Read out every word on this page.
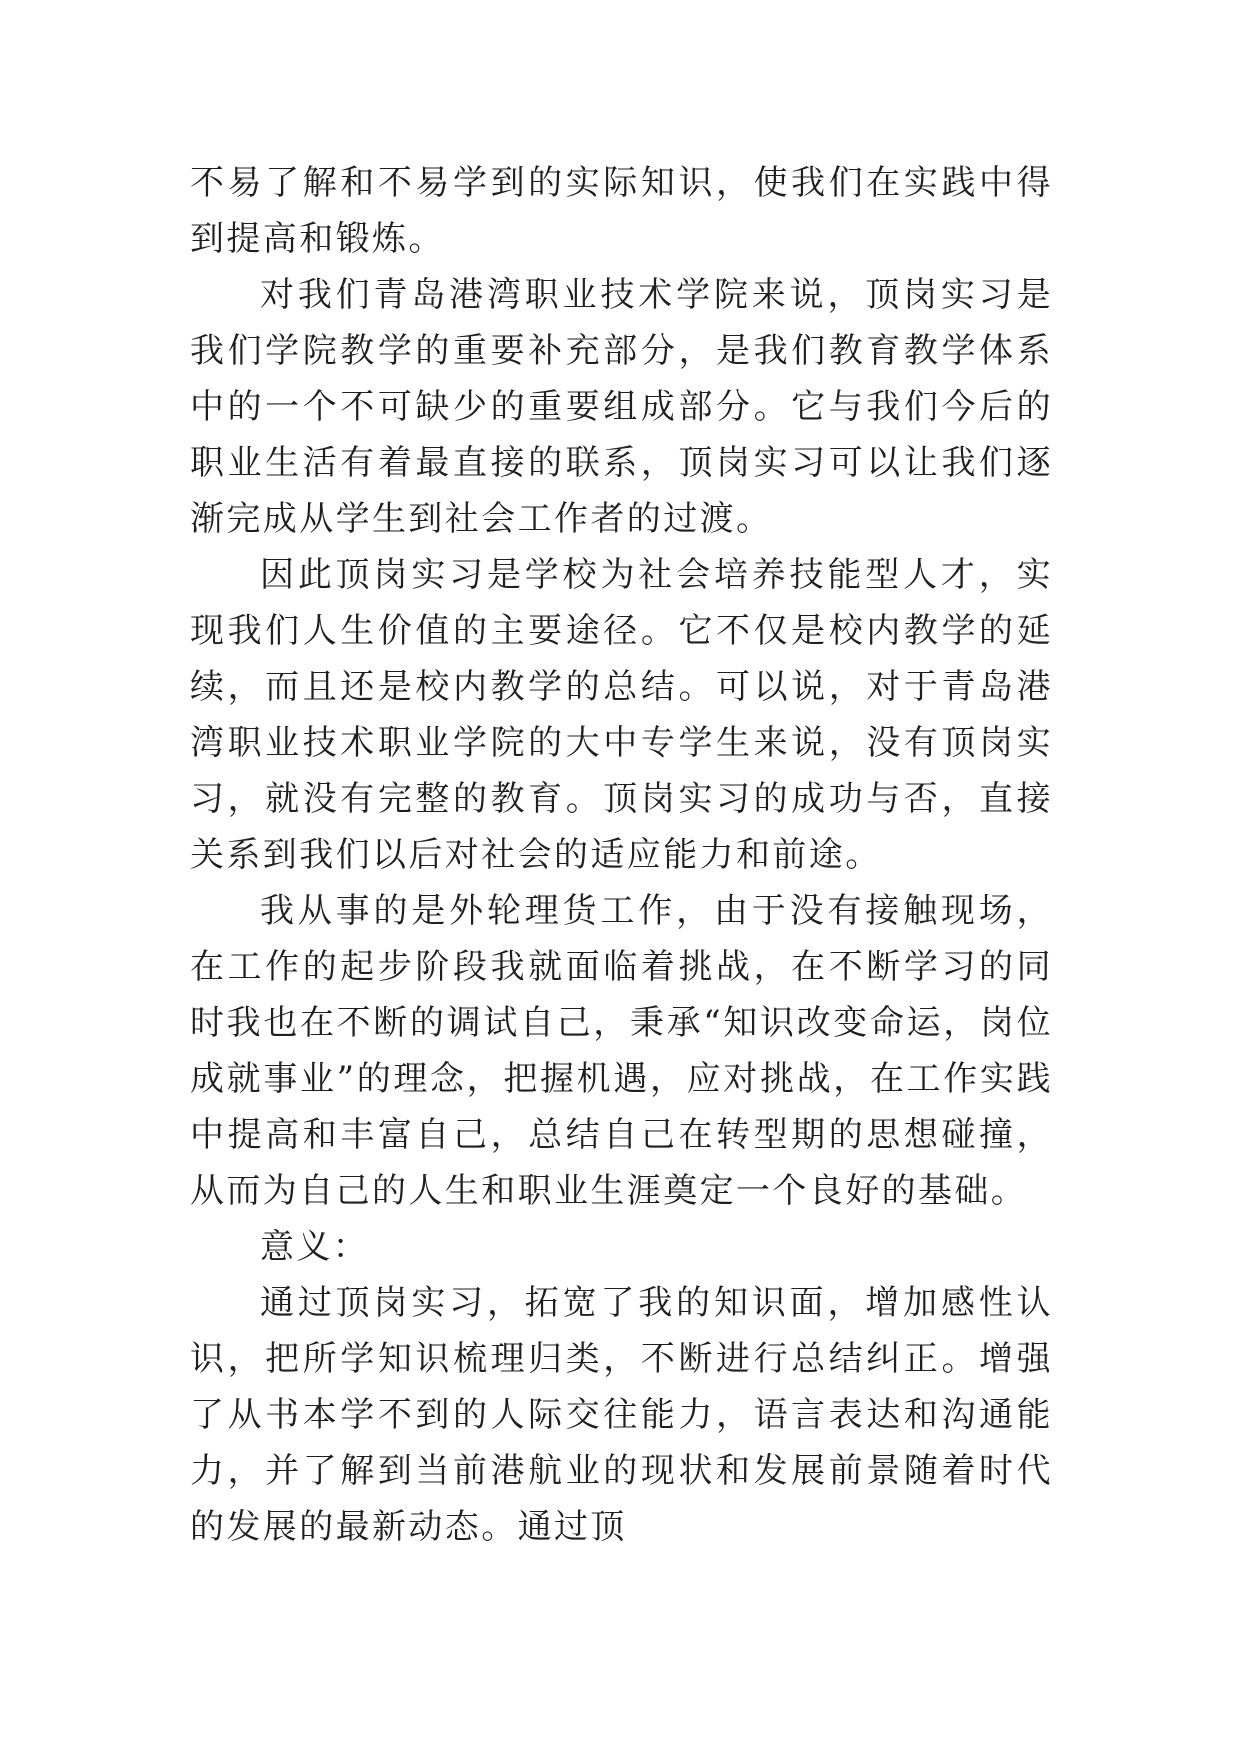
不易了解和不易学到的实际知识，使我们在实践中得到提高和锻炼。

对我们青岛港湾职业技术学院来说，顶岗实习是我们学院教学的重要补充部分，是我们教育教学体系中的一个不可缺少的重要组成部分。它与我们今后的职业生活有着最直接的联系，顶岗实习可以让我们逐渐完成从学生到社会工作者的过渡。

因此顶岗实习是学校为社会培养技能型人才，实现我们人生价值的主要途径。它不仅是校内教学的延续，而且还是校内教学的总结。可以说，对于青岛港湾职业技术职业学院的大中专学生来说，没有顶岗实习，就没有完整的教育。顶岗实习的成功与否，直接关系到我们以后对社会的适应能力和前途。

我从事的是外轮理货工作，由于没有接触现场，在工作的起步阶段我就面临着挑战，在不断学习的同时我也在不断的调试自己，秉承“知识改变命运，岗位成就事业”的理念，把握机遇，应对挑战，在工作实践中提高和丰富自己，总结自己在转型期的思想碰撞，从而为自己的人生和职业生涯奠定一个良好的基础。

意义：

通过顶岗实习，拓宽了我的知识面，增加感性认识，把所学知识梳理归类，不断进行总结纠正。增强了从书本学不到的人际交往能力，语言表达和沟通能力，并了解到当前港航业的现状和发展前景随着时代的发展的最新动态。通过顶
